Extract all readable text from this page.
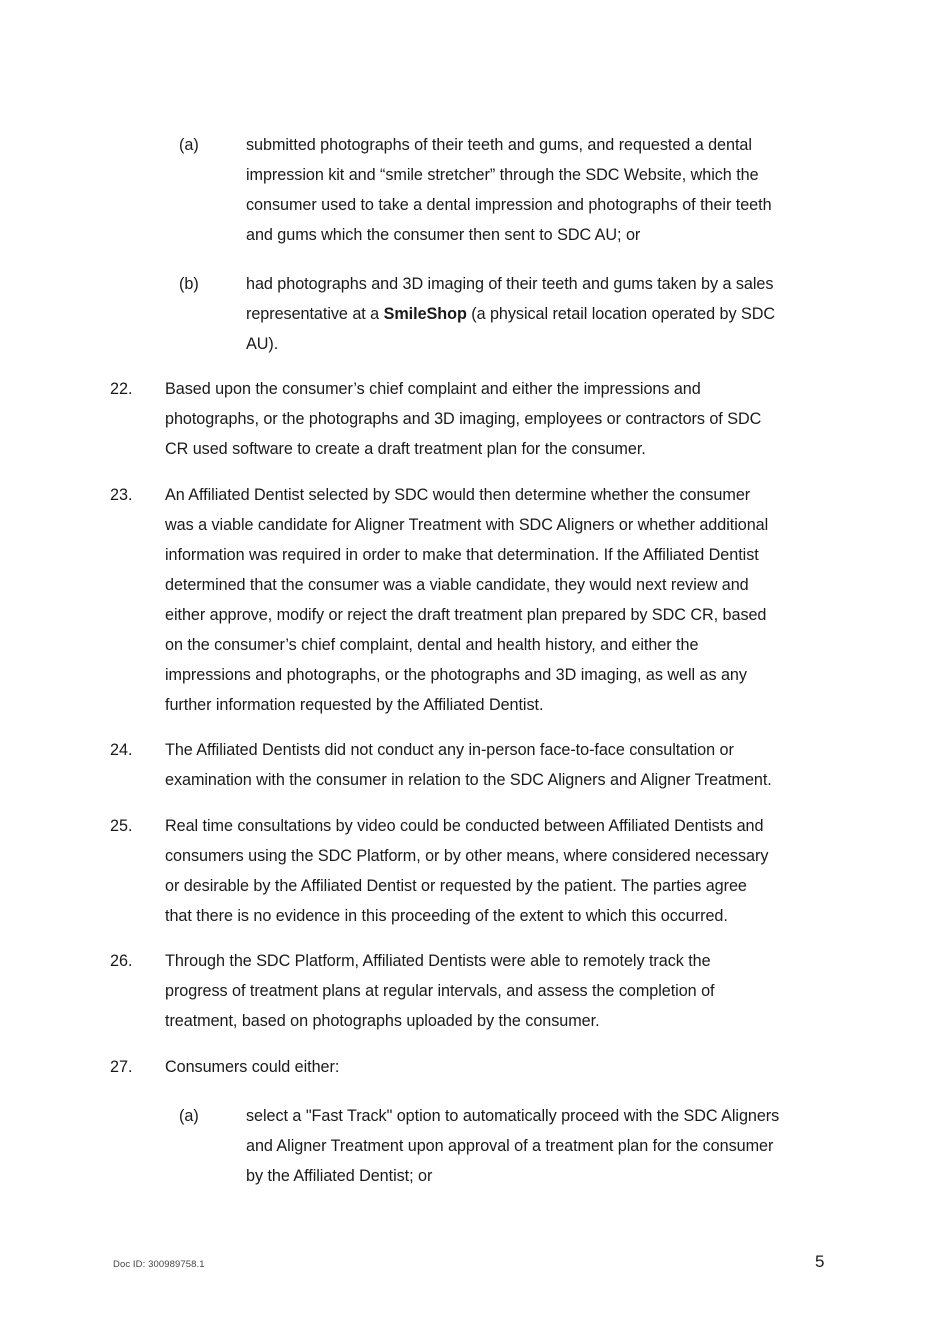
(a)	submitted photographs of their teeth and gums, and requested a dental
impression kit and “smile stretcher” through the SDC Website, which the
consumer used to take a dental impression and photographs of their teeth
and gums which the consumer then sent to SDC AU; or
(b)	had photographs and 3D imaging of their teeth and gums taken by a sales
representative at a SmileShop (a physical retail location operated by SDC
AU).
22. Based upon the consumer’s chief complaint and either the impressions and
photographs, or the photographs and 3D imaging, employees or contractors of SDC
CR used software to create a draft treatment plan for the consumer.
23. An Affiliated Dentist selected by SDC would then determine whether the consumer
was a viable candidate for Aligner Treatment with SDC Aligners or whether additional
information was required in order to make that determination. If the Affiliated Dentist
determined that the consumer was a viable candidate, they would next review and
either approve, modify or reject the draft treatment plan prepared by SDC CR, based
on the consumer’s chief complaint, dental and health history, and either the
impressions and photographs, or the photographs and 3D imaging, as well as any
further information requested by the Affiliated Dentist.
24. The Affiliated Dentists did not conduct any in-person face-to-face consultation or
examination with the consumer in relation to the SDC Aligners and Aligner Treatment.
25. Real time consultations by video could be conducted between Affiliated Dentists and
consumers using the SDC Platform, or by other means, where considered necessary
or desirable by the Affiliated Dentist or requested by the patient. The parties agree
that there is no evidence in this proceeding of the extent to which this occurred.
26. Through the SDC Platform, Affiliated Dentists were able to remotely track the
progress of treatment plans at regular intervals, and assess the completion of
treatment, based on photographs uploaded by the consumer.
27. Consumers could either:
(a)	select a "Fast Track" option to automatically proceed with the SDC Aligners
and Aligner Treatment upon approval of a treatment plan for the consumer
by the Affiliated Dentist; or
Doc ID: 300989758.1	5
